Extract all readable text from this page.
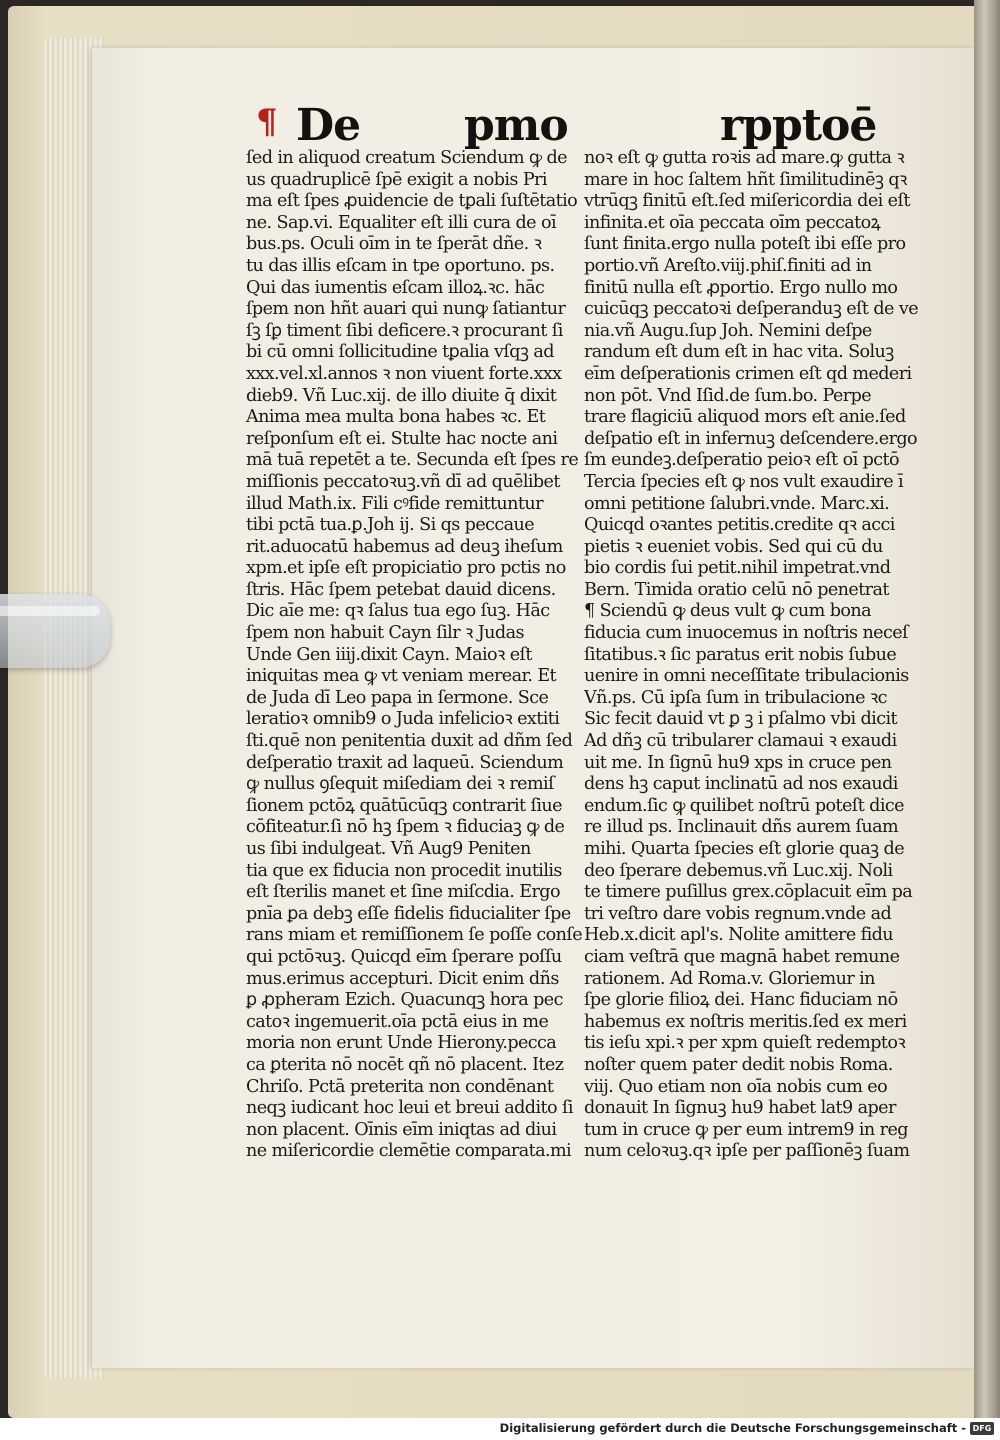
¶ De pmo	rpptoē
ſed in aliquod creatum Sciendum ꝙ de
us quadruplicē ſpē exigit a nobis Pri
ma eſt ſpes ꝓuidencie de tꝑali ſuſtētatio
ne. Sap.vi. Equaliter eſt illi cura de oī
bus.ps. Oculi oīm in te ſperāt dñe. ꝛ
tu das illis eſcam in tpe oportuno. ps.
Qui das iumentis eſcam illoꝝ.ꝛc. hāc
ſpem non hñt auari qui nunꝙ ſatiantur
ſꝫ ſꝑ timent ſibi deficere.ꝛ procurant ſi
bi cū omni ſollicitudine tꝑalia vſqꝫ ad
xxx.vel.xl.annos ꝛ non viuent forte.xxx
dieb9. Vñ Luc.xij. de illo diuite q̄ dixit
Anima mea multa bona habes ꝛc. Et
reſponſum eſt ei. Stulte hac nocte ani
mā tuā repetēt a te. Secunda eſt ſpes re
miſſionis peccatoꝛuꝫ.vñ dī ad quēlibet
illud Math.ix. Fili cꝰfide remittuntur
tibi pctā tua.ꝑ.Joh ij. Si qs peccaue
rit.aduocatū habemus ad deuꝫ iheſum
xpm.et ipſe eſt propiciatio pro pctis no
ſtris. Hāc ſpem petebat dauid dicens.
Dic aīe me: qꝛ ſalus tua ego ſuꝫ. Hāc
ſpem non habuit Cayn ſilr ꝛ Judas
Unde Gen iiij.dixit Cayn. Maioꝛ eſt
iniquitas mea ꝙ vt veniam merear. Et
de Juda dī Leo papa in ſermone. Sce
leratioꝛ omnib9 o Juda infelicioꝛ extiti
ſti.quē non penitentia duxit ad dñm ſed
deſperatio traxit ad laqueū. Sciendum
ꝙ nullus ꝯſequit miſediam dei ꝛ remiſ
ſionem pctōꝝ quātūcūqꝫ contrarit ſiue
cōfiteatur.ſi nō hꝫ ſpem ꝛ fiduciaꝫ ꝙ de
us ſibi indulgeat. Vñ Aug9 Peniten
tia que ex fiducia non procedit inutilis
eſt ſterilis manet et ſine miſcdia. Ergo
pnīa ꝑa debꝫ eſſe fidelis fiducialiter ſpe
rans miam et remiſſionem ſe poſſe conſe
qui pctōꝛuꝫ. Quicqd eīm ſperare poſſu
mus.erimus accepturi. Dicit enim dñs
ꝑ ꝓpheram Ezich. Quacunqꝫ hora pec
catoꝛ ingemuerit.oīa pctā eius in me
moria non erunt Unde Hierony.pecca
ca ꝑterita nō nocēt qñ nō placent. Itez
Chriſo. Pctā preterita non condēnant
neqꝫ iudicant hoc leui et breui addito ſi
non placent. Oīnis eīm iniqtas ad diui
ne miſericordie clemētie comparata.mi
noꝛ eſt ꝙ gutta roꝛis ad mare.ꝙ gutta ꝛ
mare in hoc ſaltem hñt ſimilitudinēꝫ qꝛ
vtrūqꝫ finitū eſt.ſed miſericordia dei eſt
infinita.et oīa peccata oīm peccatoꝝ
ſunt finita.ergo nulla poteſt ibi eſſe pro
portio.vñ Areſto.viij.phiſ.finiti ad in
finitū nulla eſt ꝓportio. Ergo nullo mo
cuicūqꝫ peccatoꝛi deſperanduꝫ eſt de ve
nia.vñ Augu.ſup Joh. Nemini deſpe
randum eſt dum eſt in hac vita. Soluꝫ
eīm deſperationis crimen eſt qd mederi
non pōt. Vnd Iſid.de ſum.bo. Perpe
trare flagiciū aliquod mors eſt anie.ſed
deſpatio eſt in infernuꝫ deſcendere.ergo
ſm eundeꝫ.deſperatio peioꝛ eſt oī pctō
Tercia ſpecies eſt ꝙ nos vult exaudire ī
omni petitione ſalubri.vnde. Marc.xi.
Quicqd oꝛantes petitis.credite qꝛ acci
pietis ꝛ eueniet vobis. Sed qui cū du
bio cordis ſui petit.nihil impetrat.vnd
Bern. Timida oratio celū nō penetrat
¶ Sciendū ꝙ deus vult ꝙ cum bona
fiducia cum inuocemus in noſtris neceſ
ſitatibus.ꝛ ſic paratus erit nobis ſubue
uenire in omni neceſſitate tribulacionis
Vñ.ps. Cū ipſa ſum in tribulacione ꝛc
Sic fecit dauid vt ꝑ ꝫ i pſalmo vbi dicit
Ad dñꝫ cū tribularer clamaui ꝛ exaudi
uit me. In ſignū hu9 xps in cruce pen
dens hꝫ caput inclinatū ad nos exaudi
endum.ſic ꝙ quilibet noſtrū poteſt dice
re illud ps. Inclinauit dñs aurem ſuam
mihi. Quarta ſpecies eſt glorie quaꝫ de
deo ſperare debemus.vñ Luc.xij. Noli
te timere puſillus grex.cōplacuit eīm pa
tri veſtro dare vobis regnum.vnde ad
Heb.x.dicit apl's. Nolite amittere fidu
ciam veſtrā que magnā habet remune
rationem. Ad Roma.v. Gloriemur in
ſpe glorie filioꝝ dei. Hanc fiduciam nō
habemus ex noſtris meritis.ſed ex meri
tis ieſu xpi.ꝛ per xpm quieſt redemptoꝛ
noſter quem pater dedit nobis Roma.
viij. Quo etiam non oīa nobis cum eo
donauit In ſignuꝫ hu9 habet lat9 aper
tum in cruce ꝙ per eum intrem9 in reg
num celoꝛuꝫ.qꝛ ipſe per paſſionēꝫ ſuam
Digitalisierung gefördert durch die Deutsche Forschungsgemeinschaft - DFG
